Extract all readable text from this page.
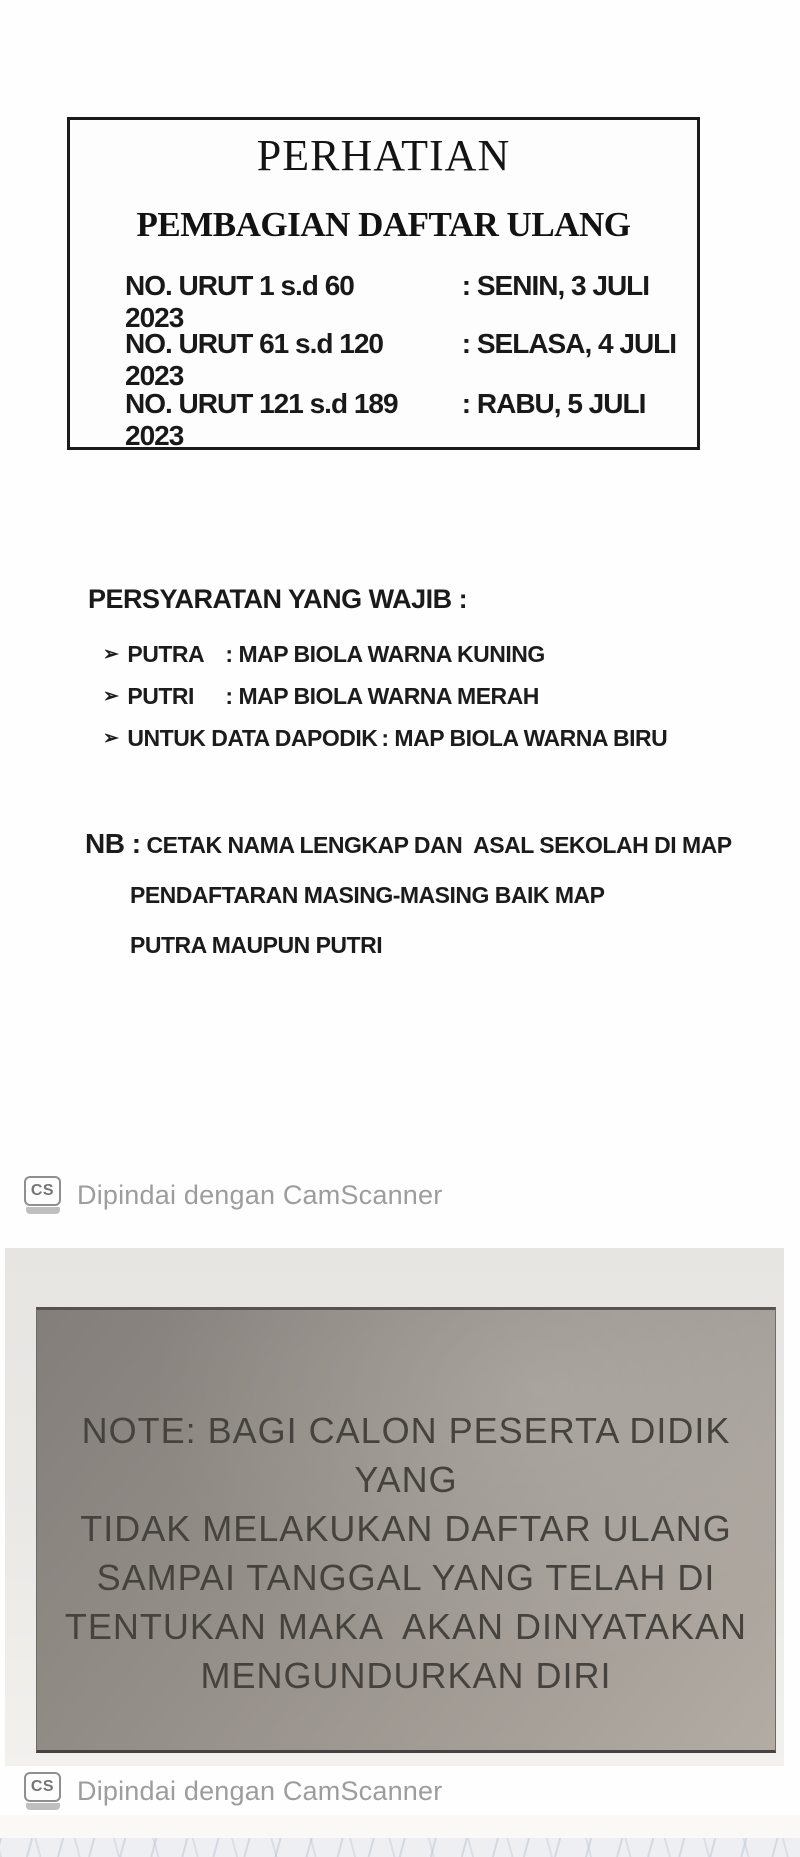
PERHATIAN
PEMBAGIAN DAFTAR ULANG
NO. URUT 1 s.d 60	: SENIN, 3 JULI 2023
NO. URUT 61 s.d 120	: SELASA, 4 JULI 2023
NO. URUT 121 s.d 189 : RABU, 5 JULI 2023
PERSYARATAN YANG WAJIB :
➢ PUTRA : MAP BIOLA WARNA KUNING
➢ PUTRI : MAP BIOLA WARNA MERAH
➢ UNTUK DATA DAPODIK : MAP BIOLA WARNA BIRU
NB : CETAK NAMA LENGKAP DAN  ASAL SEKOLAH DI MAP
PENDAFTARAN MASING-MASING BAIK MAP
PUTRA MAUPUN PUTRI
CS Dipindai dengan CamScanner
NOTE: BAGI CALON PESERTA DIDIK YANG
TIDAK MELAKUKAN DAFTAR ULANG
SAMPAI TANGGAL YANG TELAH DI
TENTUKAN MAKA  AKAN DINYATAKAN
MENGUNDURKAN DIRI
CS Dipindai dengan CamScanner
